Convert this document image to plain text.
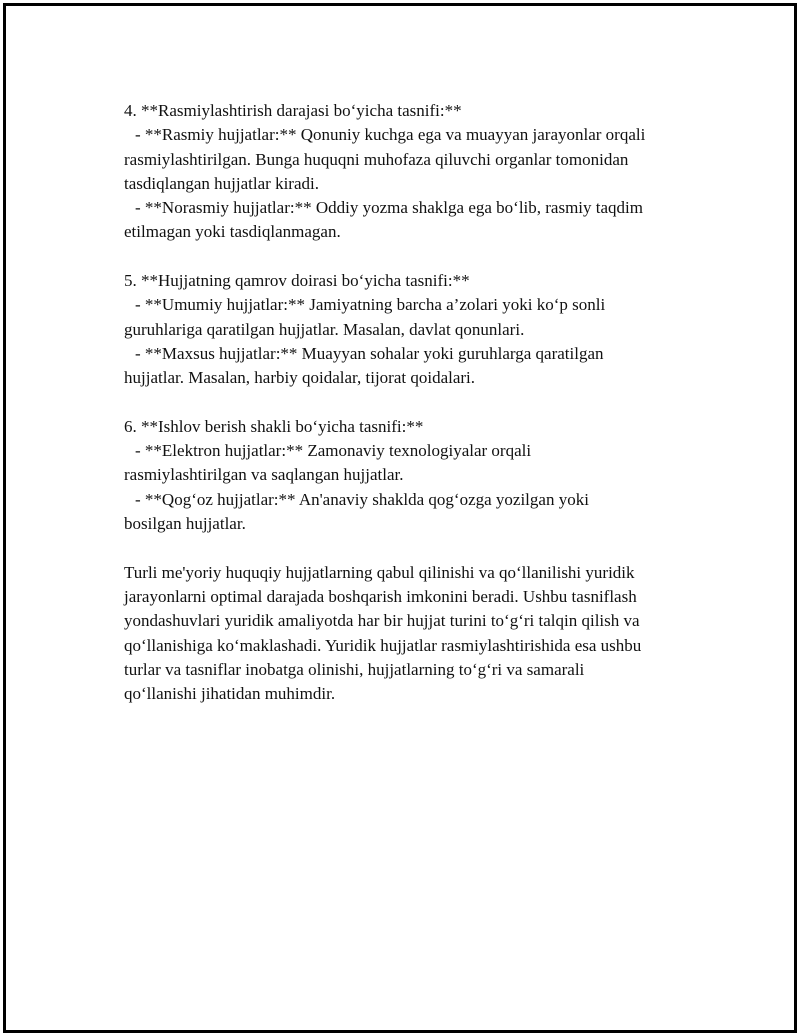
4. **Rasmiylashtirish darajasi bo‘yicha tasnifi:**

- **Rasmiy hujjatlar:** Qonuniy kuchga ega va muayyan jarayonlar orqali
rasmiylashtirilgan. Bunga huquqni muhofaza qiluvchi organlar tomonidan
tasdiqlangan hujjatlar kiradi.

- **Norasmiy hujjatlar:** Oddiy yozma shaklga ega bo‘lib, rasmiy taqdim
etilmagan yoki tasdiqlanmagan.

5. **Hujjatning qamrov doirasi bo‘yicha tasnifi:**

- **Umumiy hujjatlar:** Jamiyatning barcha a’zolari yoki ko‘p sonli
guruhlariga qaratilgan hujjatlar. Masalan, davlat qonunlari.

- **Maxsus hujjatlar:** Muayyan sohalar yoki guruhlarga qaratilgan
hujjatlar. Masalan, harbiy qoidalar, tijorat qoidalari.

6. **Ishlov berish shakli bo‘yicha tasnifi:**

- **Elektron hujjatlar:** Zamonaviy texnologiyalar orqali
rasmiylashtirilgan va saqlangan hujjatlar.

- **Qog‘oz hujjatlar:** An'anaviy shaklda qog‘ozga yozilgan yoki
bosilgan hujjatlar.

Turli me'yoriy huquqiy hujjatlarning qabul qilinishi va qo‘llanilishi yuridik
jarayonlarni optimal darajada boshqarish imkonini beradi. Ushbu tasniflash
yondashuvlari yuridik amaliyotda har bir hujjat turini to‘g‘ri talqin qilish va
qo‘llanishiga ko‘maklashadi. Yuridik hujjatlar rasmiylashtirishida esa ushbu
turlar va tasniflar inobatga olinishi, hujjatlarning to‘g‘ri va samarali
qo‘llanishi jihatidan muhimdir.
